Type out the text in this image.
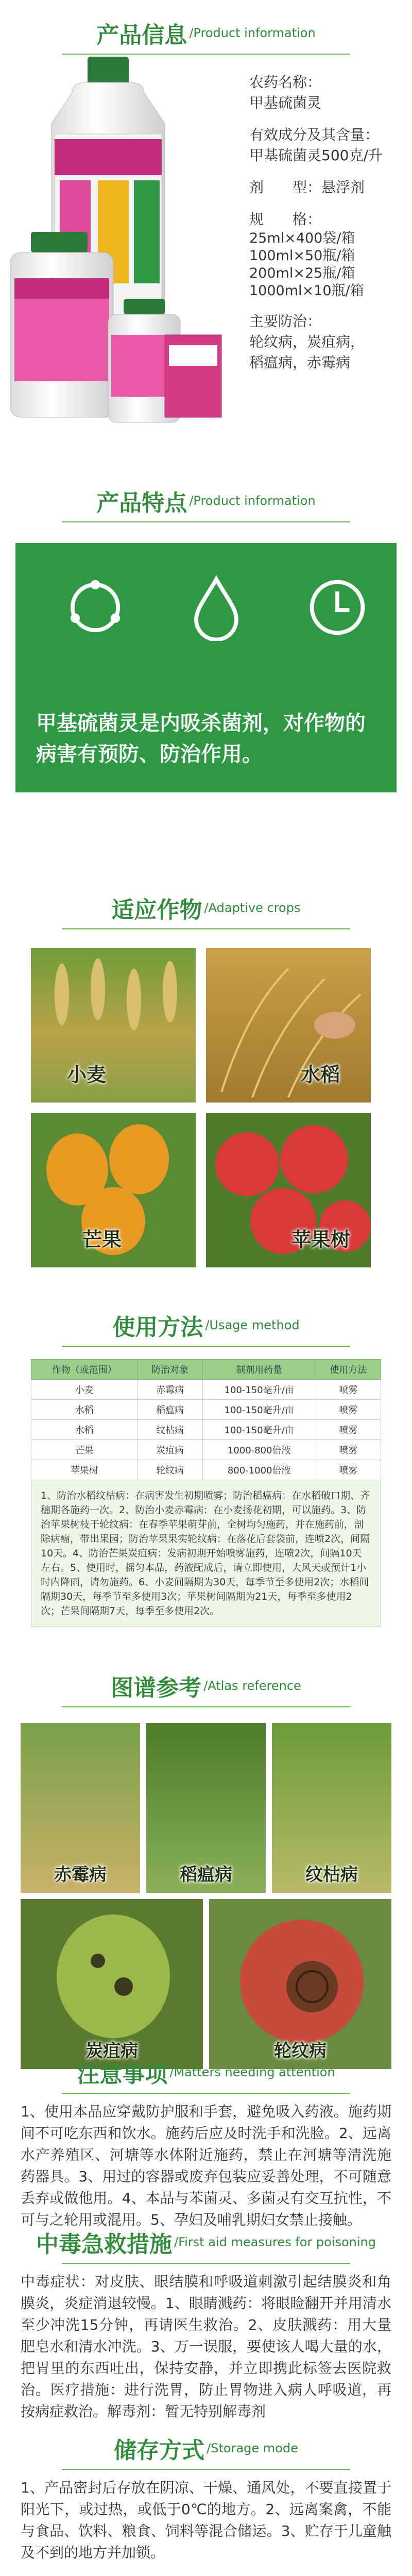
产品信息 /Product information
农药名称：
甲基硫菌灵
有效成分及其含量：
甲基硫菌灵500克/升
剂　　型：悬浮剂
规　　格：
25ml×400袋/箱
100ml×50瓶/箱
200ml×25瓶/箱
1000ml×10瓶/箱
主要防治：
轮纹病，炭疽病，
稻瘟病，赤霉病
产品特点 /Product information
甲基硫菌灵是内吸杀菌剂，对作物的病害有预防、防治作用。
适应作物 /Adaptive crops
小麦	水稻
芒果	苹果树
使用方法 /Usage method
作物（或范围）	防治对象	制剂用药量	使用方法
小麦	赤霉病	100-150毫升/亩	喷雾
水稻	稻瘟病	100-150毫升/亩	喷雾
水稻	纹枯病	100-150毫升/亩	喷雾
芒果	炭疽病	1000-800倍液	喷雾
苹果树	轮纹病	800-1000倍液	喷雾
1、防治水稻纹枯病：在病害发生初期喷雾；防治稻瘟病：在水稻破口期、齐穗期各施药一次。2、防治小麦赤霉病：在小麦扬花初期，可以施药。3、防治苹果树枝干轮纹病：在春季苹果萌芽前，全树均匀施药，并在施药前，剖除病瘤，带出果园；防治苹果果实轮纹病：在落花后套袋前，连喷2次，间隔10天。4、防治芒果炭疽病：发病初期开始喷雾施药，连喷2次，间隔10天左右。5、使用时，摇匀本品，药液配成后，请立即使用，大风天或预计1小时内降雨，请勿施药。6、小麦间隔期为30天，每季节至多使用2次；水稻间隔期30天，每季节至多使用3次；苹果树间隔期为21天，每季至多使用2次；芒果间隔期7天，每季至多使用2次。
图谱参考 /Atlas reference
赤霉病	稻瘟病	纹枯病
炭疽病	轮纹病
注意事项 /Matters needing attention

1、使用本品应穿戴防护服和手套，避免吸入药液。施药期间不可吃东西和饮水。施药后应及时洗手和洗脸。2、远离水产养殖区、河塘等水体附近施药，禁止在河塘等清洗施药器具。3、用过的容器或废弃包装应妥善处理，不可随意丢弃或做他用。4、本品与苯菌灵、多菌灵有交互抗性，不可与之轮用或混用。5、孕妇及哺乳期妇女禁止接触。

中毒急救措施 /First aid measures for poisoning

中毒症状：对皮肤、眼结膜和呼吸道刺激引起结膜炎和角膜炎，炎症消退较慢。1、眼睛溅药：将眼睑翻开并用清水至少冲洗15分钟，再请医生救治。2、皮肤溅药：用大量肥皂水和清水冲洗。3、万一误服，要使该人喝大量的水，把胃里的东西吐出，保持安静，并立即携此标签去医院救治。医疗措施：进行洗胃，防止胃物进入病人呼吸道，再按病症救治。解毒剂：暂无特别解毒剂

储存方式 /Storage mode

1、产品密封后存放在阴凉、干燥、通风处，不要直接置于阳光下，或过热，或低于0℃的地方。2、远离案禽，不能与食品、饮料、粮食、饲料等混合储运。3、贮存于儿童触及不到的地方并加锁。
